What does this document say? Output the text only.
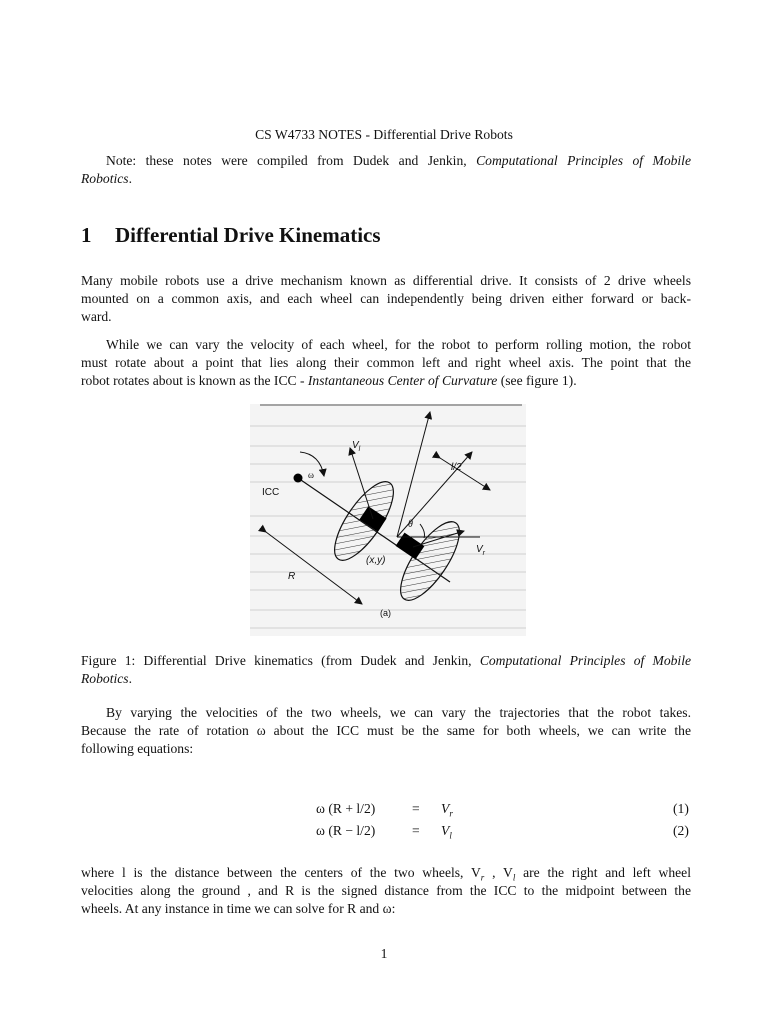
CS W4733 NOTES - Differential Drive Robots
Note: these notes were compiled from Dudek and Jenkin, Computational Principles of Mobile
Robotics.
1 Differential Drive Kinematics
Many mobile robots use a drive mechanism known as differential drive. It consists of 2 drive wheels
mounted on a common axis, and each wheel can independently being driven either forward or back-
ward.
While we can vary the velocity of each wheel, for the robot to perform rolling motion, the robot
must rotate about a point that lies along their common left and right wheel axis. The point that the
robot rotates about is known as the ICC - Instantaneous Center of Curvature (see figure 1).
$V_l$
ω
ICC
l/2
θ
$V_r$
(x,y)
R
(a)
Figure 1: Differential Drive kinematics (from Dudek and Jenkin, Computational Principles of Mobile
Robotics.
By varying the velocities of the two wheels, we can vary the trajectories that the robot takes.
Because the rate of rotation ω about the ICC must be the same for both wheels, we can write the
following equations:
ω (R + l/2)	= $V_r$	(1)
ω (R − l/2)	= $V_l$	(2)
where l is the distance between the centers of the two wheels, $V_r$ , $V_l$ are the right and left wheel
velocities along the ground , and R is the signed distance from the ICC to the midpoint between the
wheels. At any instance in time we can solve for R and ω:
1
